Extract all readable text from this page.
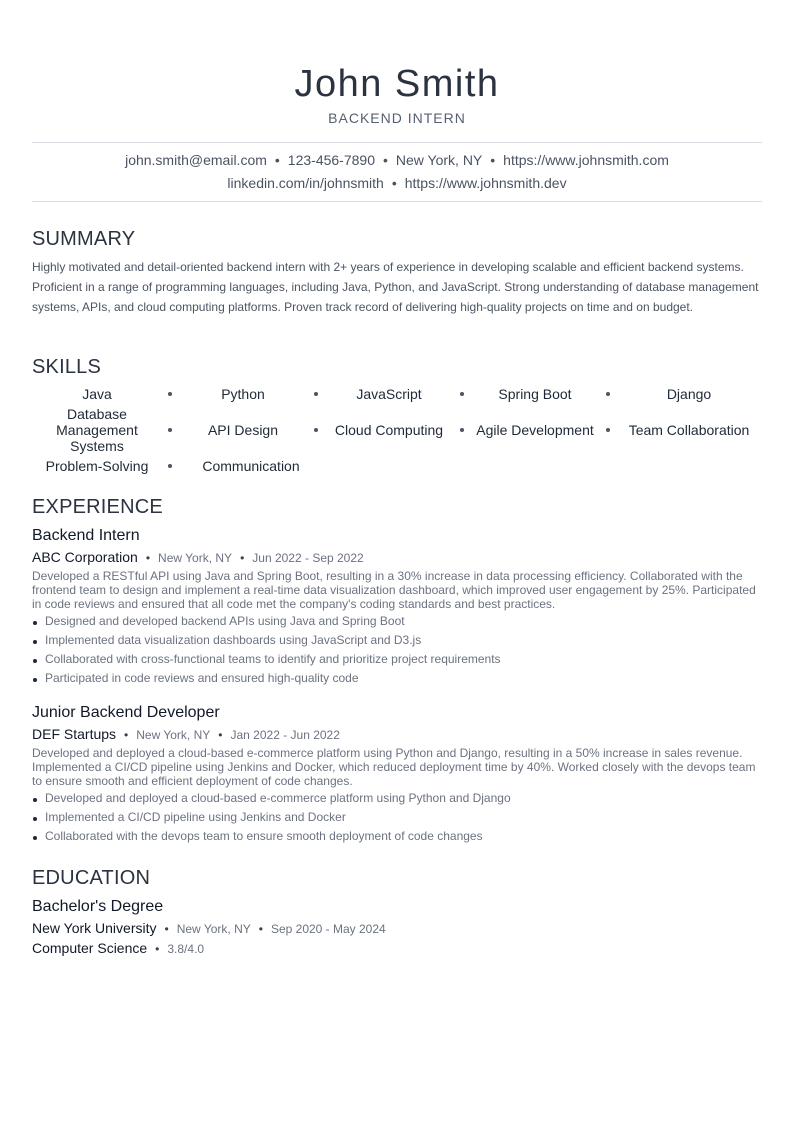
John Smith
BACKEND INTERN
john.smith@email.com • 123-456-7890 • New York, NY • https://www.johnsmith.com
linkedin.com/in/johnsmith • https://www.johnsmith.dev
SUMMARY
Highly motivated and detail-oriented backend intern with 2+ years of experience in developing scalable and efficient backend systems. Proficient in a range of programming languages, including Java, Python, and JavaScript. Strong understanding of database management systems, APIs, and cloud computing platforms. Proven track record of delivering high-quality projects on time and on budget.
SKILLS
Java	Python	JavaScript	Spring Boot	Django
Database Management Systems
API Design	Cloud Computing	Agile Development	Team Collaboration
Problem-Solving	Communication
EXPERIENCE
Backend Intern
ABC Corporation • New York, NY • Jun 2022 - Sep 2022
Developed a RESTful API using Java and Spring Boot, resulting in a 30% increase in data processing efficiency. Collaborated with the frontend team to design and implement a real-time data visualization dashboard, which improved user engagement by 25%. Participated in code reviews and ensured that all code met the company's coding standards and best practices.
Designed and developed backend APIs using Java and Spring Boot
Implemented data visualization dashboards using JavaScript and D3.js
Collaborated with cross-functional teams to identify and prioritize project requirements
Participated in code reviews and ensured high-quality code
Junior Backend Developer
DEF Startups • New York, NY • Jan 2022 - Jun 2022
Developed and deployed a cloud-based e-commerce platform using Python and Django, resulting in a 50% increase in sales revenue. Implemented a CI/CD pipeline using Jenkins and Docker, which reduced deployment time by 40%. Worked closely with the devops team to ensure smooth and efficient deployment of code changes.
Developed and deployed a cloud-based e-commerce platform using Python and Django
Implemented a CI/CD pipeline using Jenkins and Docker
Collaborated with the devops team to ensure smooth deployment of code changes
EDUCATION
Bachelor's Degree
New York University • New York, NY • Sep 2020 - May 2024
Computer Science • 3.8/4.0
